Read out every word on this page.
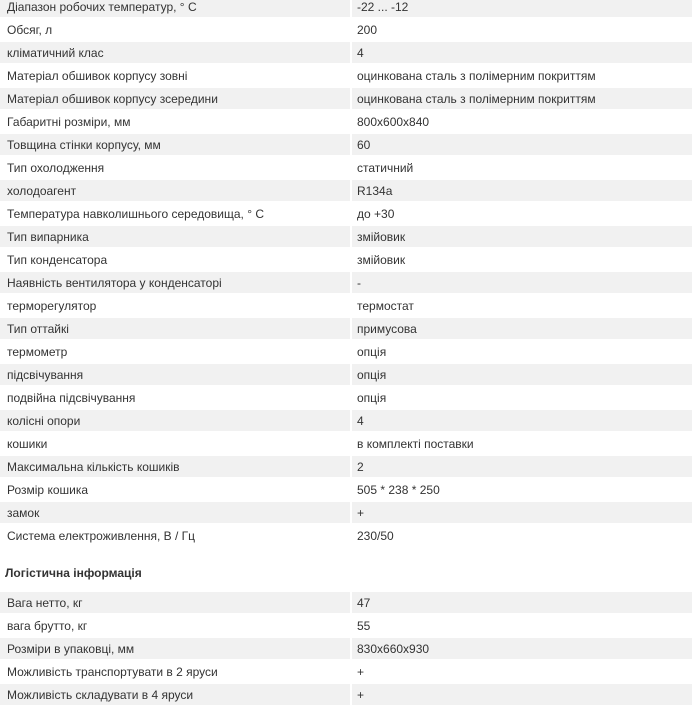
Діапазон робочих температур, ° С	-22 ... -12
Обсяг, л	200
кліматичний клас	4
Матеріал обшивок корпусу зовні	оцинкована сталь з полімерним покриттям
Матеріал обшивок корпусу зсередини	оцинкована сталь з полімерним покриттям
Габаритні розміри, мм	800x600x840
Товщина стінки корпусу, мм	60
Тип охолодження	статичний
холодоагент	R134a
Температура навколишнього середовища, ° С	до +30
Тип випарника	змійовик
Тип конденсатора	змійовик
Наявність вентилятора у конденсаторі	-
терморегулятор	термостат
Тип оттайкі	примусова
термометр	опція
підсвічування	опція
подвійна підсвічування	опція
колісні опори	4
кошики	в комплекті поставки
Максимальна кількість кошиків	2
Розмір кошика	505 * 238 * 250
замок	+
Система електроживлення, В / Гц	230/50
Логістична інформація
Вага нетто, кг	47
вага брутто, кг	55
Розміри в упаковці, мм	830x660x930
Можливість транспортувати в 2 яруси	+
Можливість складувати в 4 яруси	+
